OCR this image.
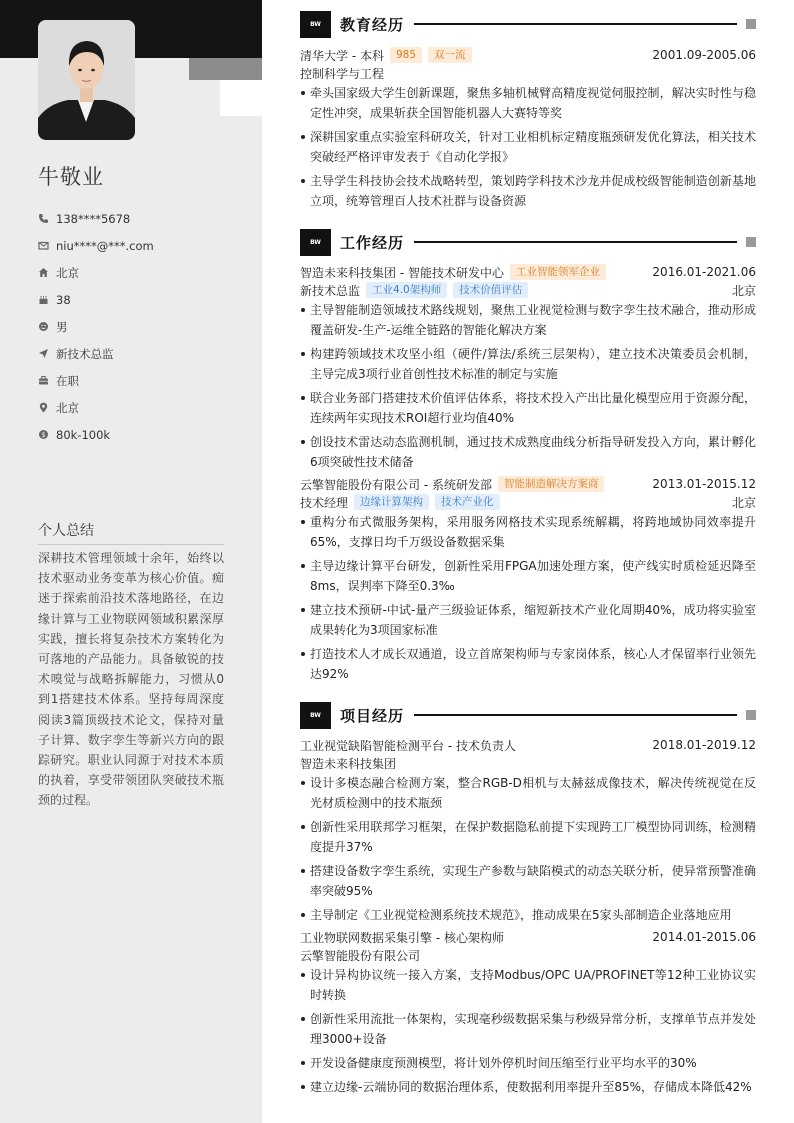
牛敬业
138****5678
niu****@***.com
北京
38
男
新技术总监
在职
北京
$ 80k-100k
个人总结
深耕技术管理领域十余年，始终以技术驱动业务变革为核心价值。痴迷于探索前沿技术落地路径，在边缘计算与工业物联网领域积累深厚实践，擅长将复杂技术方案转化为可落地的产品能力。具备敏锐的技术嗅觉与战略拆解能力，习惯从0到1搭建技术体系。坚持每周深度阅读3篇顶级技术论文，保持对量子计算、数字孪生等新兴方向的跟踪研究。职业认同源于对技术本质的执着，享受带领团队突破技术瓶颈的过程。
BW	教育经历
清华大学 - 本科	985	双一流	2001.09-2005.06
控制科学与工程
牵头国家级大学生创新课题，聚焦多轴机械臂高精度视觉伺服控制，解决实时性与稳定性冲突，成果斩获全国智能机器人大赛特等奖
深耕国家重点实验室科研攻关，针对工业相机标定精度瓶颈研发优化算法，相关技术突破经严格评审发表于《自动化学报》
主导学生科技协会技术战略转型，策划跨学科技术沙龙并促成校级智能制造创新基地立项，统筹管理百人技术社群与设备资源
BW	工作经历
智造未来科技集团 - 智能技术研发中心	工业智能领军企业	2016.01-2021.06
新技术总监	工业4.0架构师	技术价值评估	北京
主导智能制造领域技术路线规划，聚焦工业视觉检测与数字孪生技术融合，推动形成覆盖研发-生产-运维全链路的智能化解决方案
构建跨领域技术攻坚小组（硬件/算法/系统三层架构），建立技术决策委员会机制，主导完成3项行业首创性技术标准的制定与实施
联合业务部门搭建技术价值评估体系，将技术投入产出比量化模型应用于资源分配，连续两年实现技术ROI超行业均值40%
创设技术雷达动态监测机制，通过技术成熟度曲线分析指导研发投入方向，累计孵化6项突破性技术储备
云擎智能股份有限公司 - 系统研发部	智能制造解决方案商	2013.01-2015.12
技术经理	边缘计算架构	技术产业化	北京
重构分布式微服务架构，采用服务网格技术实现系统解耦，将跨地域协同效率提升65%，支撑日均千万级设备数据采集
主导边缘计算平台研发，创新性采用FPGA加速处理方案，使产线实时质检延迟降至8ms，误判率下降至0.3‰
建立技术预研-中试-量产三级验证体系，缩短新技术产业化周期40%，成功将实验室成果转化为3项国家标准
打造技术人才成长双通道，设立首席架构师与专家岗体系，核心人才保留率行业领先达92%
BW	项目经历
工业视觉缺陷智能检测平台 - 技术负责人	2018.01-2019.12
智造未来科技集团
设计多模态融合检测方案，整合RGB-D相机与太赫兹成像技术，解决传统视觉在反光材质检测中的技术瓶颈
创新性采用联邦学习框架，在保护数据隐私前提下实现跨工厂模型协同训练，检测精度提升37%
搭建设备数字孪生系统，实现生产参数与缺陷模式的动态关联分析，使异常预警准确率突破95%
主导制定《工业视觉检测系统技术规范》，推动成果在5家头部制造企业落地应用
工业物联网数据采集引擎 - 核心架构师	2014.01-2015.06
云擎智能股份有限公司
设计异构协议统一接入方案，支持Modbus/OPC UA/PROFINET等12种工业协议实时转换
创新性采用流批一体架构，实现毫秒级数据采集与秒级异常分析，支撑单节点并发处理3000+设备
开发设备健康度预测模型，将计划外停机时间压缩至行业平均水平的30%
建立边缘-云端协同的数据治理体系，使数据利用率提升至85%，存储成本降低42%
